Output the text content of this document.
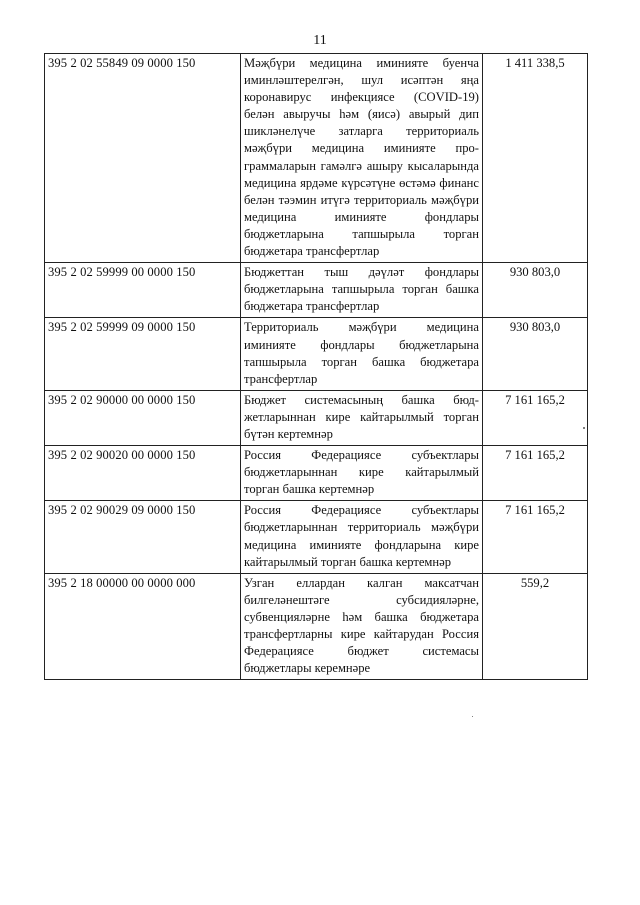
11
395 2 02 55849 09 0000 150	Мәҗбүри медицина иминияте буенча иминләштерелгән, шул исәптән яңа коронавирус инфекциясе (COVID-19) белән авыручы һәм (яисә) авырый дип шикләнелүче затларга территориаль мәҗбүри медицина иминияте программаларын гамәлгә ашыру кысаларында медицина ярдәме күрсәтүне өстәмә финанс белән тәэмин итүгә территориаль мәҗбүри медицина иминияте фондлары бюджетларына тапшырыла торган бюджетара трансфертлар	1 411 338,5
395 2 02 59999 00 0000 150	Бюджеттан тыш дәүләт фондлары бюджетларына тапшырыла торган башка бюджетара трансфертлар	930 803,0
395 2 02 59999 09 0000 150	Территориаль мәҗбүри медицина иминияте фондлары бюджетларына тапшырыла торган башка бюджетара трансфертлар	930 803,0
395 2 02 90000 00 0000 150	Бюджет системасының башка бюджетларыннан кире кайтарылмый торган бүтән кертемнәр	7 161 165,2
395 2 02 90020 00 0000 150	Россия Федерациясе субъектлары бюджетларыннан кире кайтарылмый торган башка кертемнәр	7 161 165,2
395 2 02 90029 09 0000 150	Россия Федерациясе субъектлары бюджетларыннан территориаль мәҗбүри медицина иминияте фондларына кире кайтарылмый торган башка кертемнәр	7 161 165,2
395 2 18 00000 00 0000 000	Узган еллардан калган максатчан билгеләнештәге субсидияләрне, субвенцияләрне һәм башка бюджетара трансфертларны кире кайтарудан Россия Федерациясе бюджет системасы бюджетлары керемнәре	559,2
